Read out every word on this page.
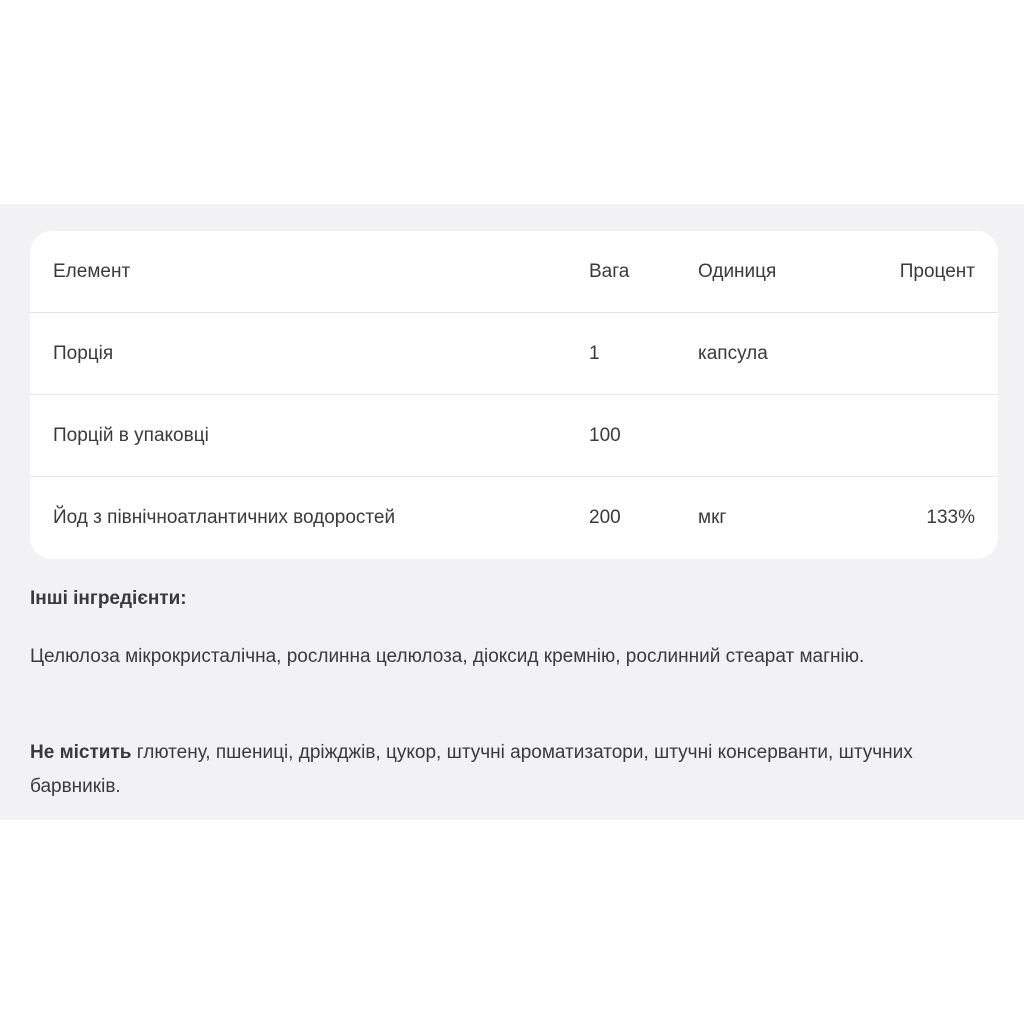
Елемент	Вага	Одиниця	Процент
Порція	1	капсула
Порцій в упаковці	100
Йод з північноатлантичних водоростей	200	мкг	133%
Інші інгредієнти:
Целюлоза мікрокристалічна, рослинна целюлоза, діоксид кремнію, рослинний стеарат магнію.
Не містить глютену, пшениці, дріжджів, цукор, штучні ароматизатори, штучні консерванти, штучних барвників.
